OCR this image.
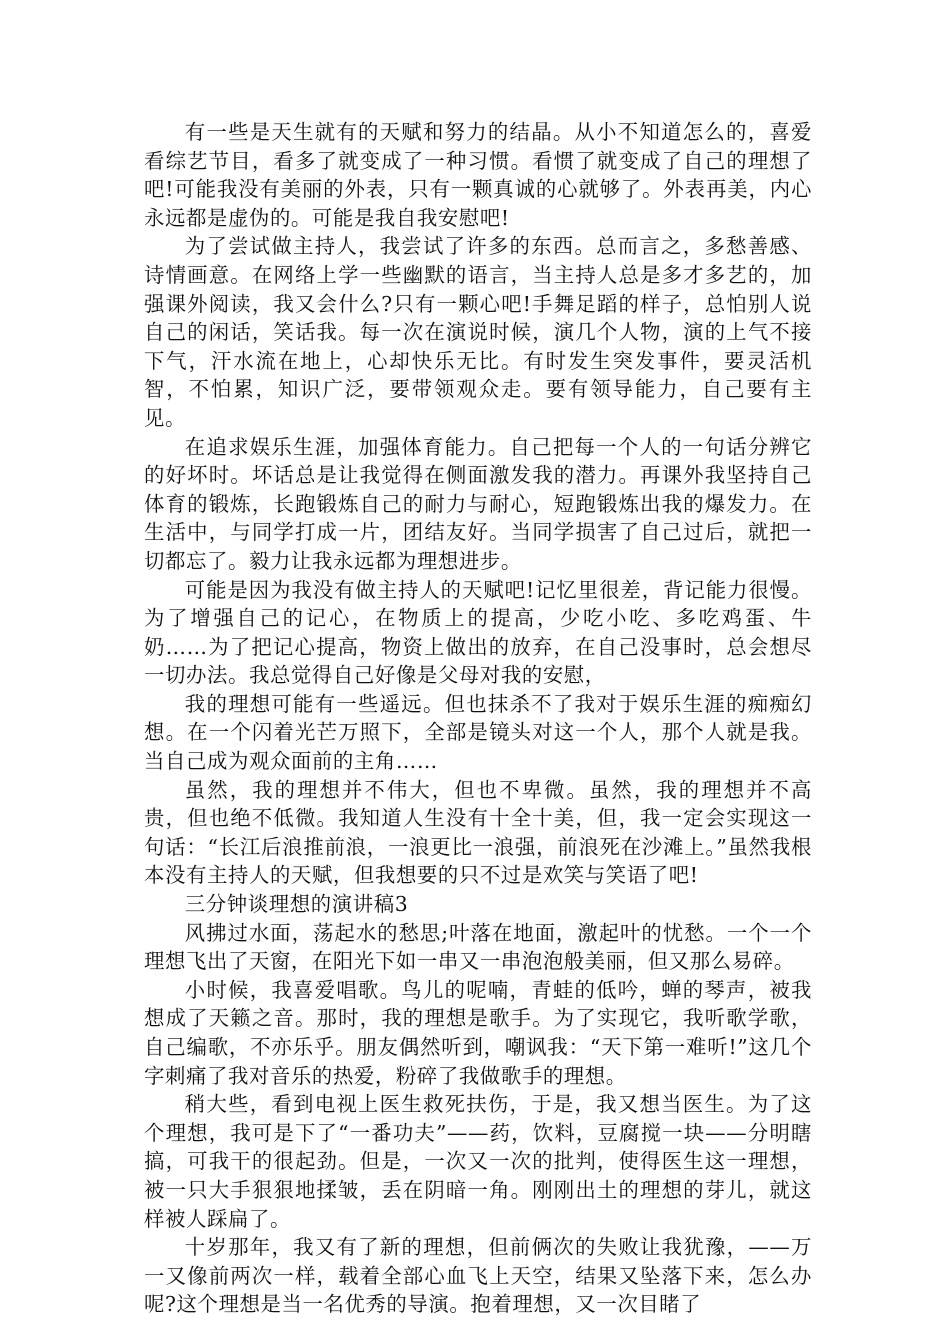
有一些是天生就有的天赋和努力的结晶。从小不知道怎么的，喜爱看综艺节目，看多了就变成了一种习惯。看惯了就变成了自己的理想了吧!可能我没有美丽的外表，只有一颗真诚的心就够了。外表再美，内心永远都是虚伪的。可能是我自我安慰吧!

为了尝试做主持人，我尝试了许多的东西。总而言之，多愁善感、诗情画意。在网络上学一些幽默的语言，当主持人总是多才多艺的，加强课外阅读，我又会什么?只有一颗心吧!手舞足蹈的样子，总怕别人说自己的闲话，笑话我。每一次在演说时候，演几个人物，演的上气不接下气，汗水流在地上，心却快乐无比。有时发生突发事件，要灵活机智，不怕累，知识广泛，要带领观众走。要有领导能力，自己要有主见。

在追求娱乐生涯，加强体育能力。自己把每一个人的一句话分辨它的好坏时。坏话总是让我觉得在侧面激发我的潜力。再课外我坚持自己体育的锻炼，长跑锻炼自己的耐力与耐心，短跑锻炼出我的爆发力。在生活中，与同学打成一片，团结友好。当同学损害了自己过后，就把一切都忘了。毅力让我永远都为理想进步。

可能是因为我没有做主持人的天赋吧!记忆里很差，背记能力很慢。为了增强自己的记心，在物质上的提高，少吃小吃、多吃鸡蛋、牛奶……为了把记心提高，物资上做出的放弃，在自己没事时，总会想尽一切办法。我总觉得自己好像是父母对我的安慰，

我的理想可能有一些遥远。但也抹杀不了我对于娱乐生涯的痴痴幻想。在一个闪着光芒万照下，全部是镜头对这一个人，那个人就是我。当自己成为观众面前的主角……

虽然，我的理想并不伟大，但也不卑微。虽然，我的理想并不高贵，但也绝不低微。我知道人生没有十全十美，但，我一定会实现这一句话：“长江后浪推前浪，一浪更比一浪强，前浪死在沙滩上。”虽然我根本没有主持人的天赋，但我想要的只不过是欢笑与笑语了吧!

三分钟谈理想的演讲稿3

风拂过水面，荡起水的愁思;叶落在地面，激起叶的忧愁。一个一个理想飞出了天窗，在阳光下如一串又一串泡泡般美丽，但又那么易碎。

小时候，我喜爱唱歌。鸟儿的呢喃，青蛙的低吟，蝉的琴声，被我想成了天籁之音。那时，我的理想是歌手。为了实现它，我听歌学歌，自己编歌，不亦乐乎。朋友偶然听到，嘲讽我：“天下第一难听!”这几个字刺痛了我对音乐的热爱，粉碎了我做歌手的理想。

稍大些，看到电视上医生救死扶伤，于是，我又想当医生。为了这个理想，我可是下了“一番功夫”——药，饮料，豆腐搅一块——分明瞎搞，可我干的很起劲。但是，一次又一次的批判，使得医生这一理想，被一只大手狠狠地揉皱，丢在阴暗一角。刚刚出土的理想的芽儿，就这样被人踩扁了。

十岁那年，我又有了新的理想，但前俩次的失败让我犹豫，——万一又像前两次一样，载着全部心血飞上天空，结果又坠落下来，怎么办呢?这个理想是当一名优秀的导演。抱着理想，又一次目睹了
